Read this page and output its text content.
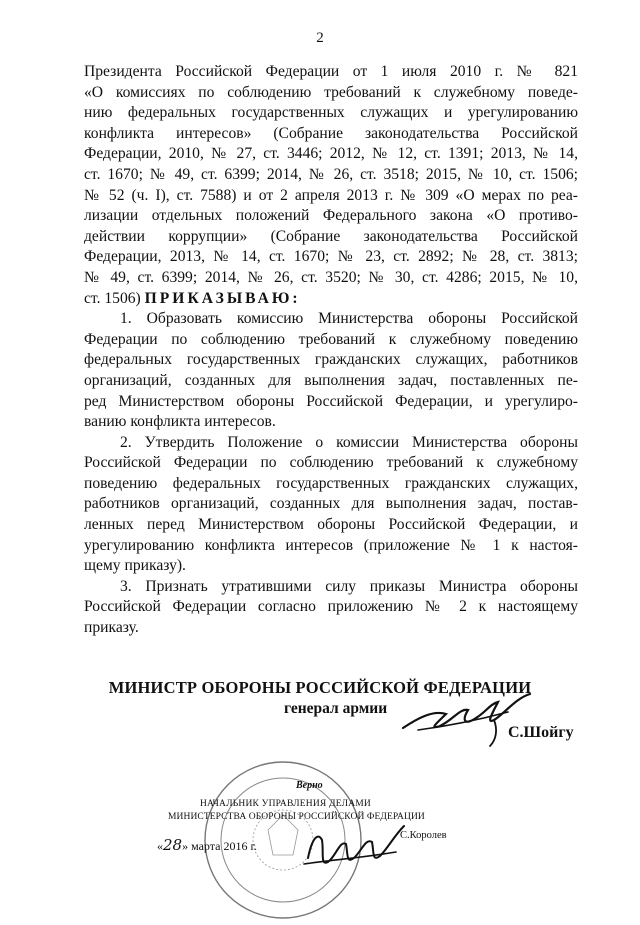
2
Президента Российской Федерации от 1 июля 2010 г. № 821
«О комиссиях по соблюдению требований к служебному поведе-
нию федеральных государственных служащих и урегулированию
конфликта интересов» (Собрание законодательства Российской
Федерации, 2010, № 27, ст. 3446; 2012, № 12, ст. 1391; 2013, № 14,
ст. 1670; № 49, ст. 6399; 2014, № 26, ст. 3518; 2015, № 10, ст. 1506;
№ 52 (ч. I), ст. 7588) и от 2 апреля 2013 г. № 309 «О мерах по реа-
лизации отдельных положений Федерального закона «О противо-
действии коррупции» (Собрание законодательства Российской
Федерации, 2013, № 14, ст. 1670; № 23, ст. 2892; № 28, ст. 3813;
№ 49, ст. 6399; 2014, № 26, ст. 3520; № 30, ст. 4286; 2015, № 10,
ст. 1506) ПРИКАЗЫВАЮ:
1. Образовать комиссию Министерства обороны Российской
Федерации по соблюдению требований к служебному поведению
федеральных государственных гражданских служащих, работников
организаций, созданных для выполнения задач, поставленных пе-
ред Министерством обороны Российской Федерации, и урегулиро-
ванию конфликта интересов.
2. Утвердить Положение о комиссии Министерства обороны
Российской Федерации по соблюдению требований к служебному
поведению федеральных государственных гражданских служащих,
работников организаций, созданных для выполнения задач, постав-
ленных перед Министерством обороны Российской Федерации, и
урегулированию конфликта интересов (приложение № 1 к настоя-
щему приказу).
3. Признать утратившими силу приказы Министра обороны
Российской Федерации согласно приложению № 2 к настоящему
приказу.
МИНИСТР ОБОРОНЫ РОССИЙСКОЙ ФЕДЕРАЦИИ
генерал армии
С.Шойгу
Верно
НАЧАЛЬНИК УПРАВЛЕНИЯ ДЕЛАМИ
МИНИСТЕРСТВА ОБОРОНЫ РОССИЙСКОЙ ФЕДЕРАЦИИ
«28» марта 2016 г.
С.Королев
